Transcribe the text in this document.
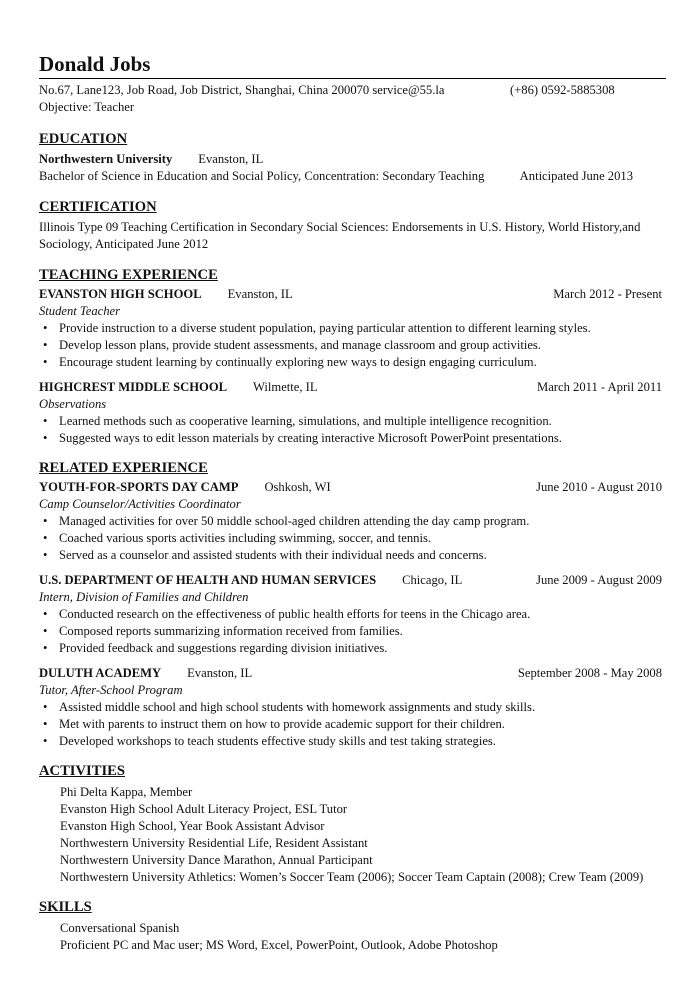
Donald Jobs
No.67, Lane123, Job Road, Job District, Shanghai, China 200070 service@55.la	(+86) 0592-5885308
Objective: Teacher
EDUCATION
Northwestern University Evanston, IL
Bachelor of Science in Education and Social Policy, Concentration: Secondary Teaching	Anticipated June 2013
CERTIFICATION
Illinois Type 09 Teaching Certification in Secondary Social Sciences: Endorsements in U.S. History, World History,and
Sociology, Anticipated June 2012
TEACHING EXPERIENCE
EVANSTON HIGH SCHOOL Evanston, IL	March 2012 - Present
Student Teacher
• Provide instruction to a diverse student population, paying particular attention to different learning styles.
• Develop lesson plans, provide student assessments, and manage classroom and group activities.
• Encourage student learning by continually exploring new ways to design engaging curriculum.
HIGHCREST MIDDLE SCHOOL Wilmette, IL	March 2011 - April 2011
Observations
• Learned methods such as cooperative learning, simulations, and multiple intelligence recognition.
• Suggested ways to edit lesson materials by creating interactive Microsoft PowerPoint presentations.
RELATED EXPERIENCE
YOUTH-FOR-SPORTS DAY CAMP Oshkosh, WI	June 2010 - August 2010
Camp Counselor/Activities Coordinator
• Managed activities for over 50 middle school-aged children attending the day camp program.
• Coached various sports activities including swimming, soccer, and tennis.
• Served as a counselor and assisted students with their individual needs and concerns.
U.S. DEPARTMENT OF HEALTH AND HUMAN SERVICES Chicago, IL	June 2009 - August 2009
Intern, Division of Families and Children
• Conducted research on the effectiveness of public health efforts for teens in the Chicago area.
• Composed reports summarizing information received from families.
• Provided feedback and suggestions regarding division initiatives.
DULUTH ACADEMY Evanston, IL	September 2008 - May 2008
Tutor, After-School Program
• Assisted middle school and high school students with homework assignments and study skills.
• Met with parents to instruct them on how to provide academic support for their children.
• Developed workshops to teach students effective study skills and test taking strategies.
ACTIVITIES
Phi Delta Kappa, Member
Evanston High School Adult Literacy Project, ESL Tutor
Evanston High School, Year Book Assistant Advisor
Northwestern University Residential Life, Resident Assistant
Northwestern University Dance Marathon, Annual Participant
Northwestern University Athletics: Women’s Soccer Team (2006); Soccer Team Captain (2008); Crew Team (2009)
SKILLS
Conversational Spanish
Proficient PC and Mac user; MS Word, Excel, PowerPoint, Outlook, Adobe Photoshop
